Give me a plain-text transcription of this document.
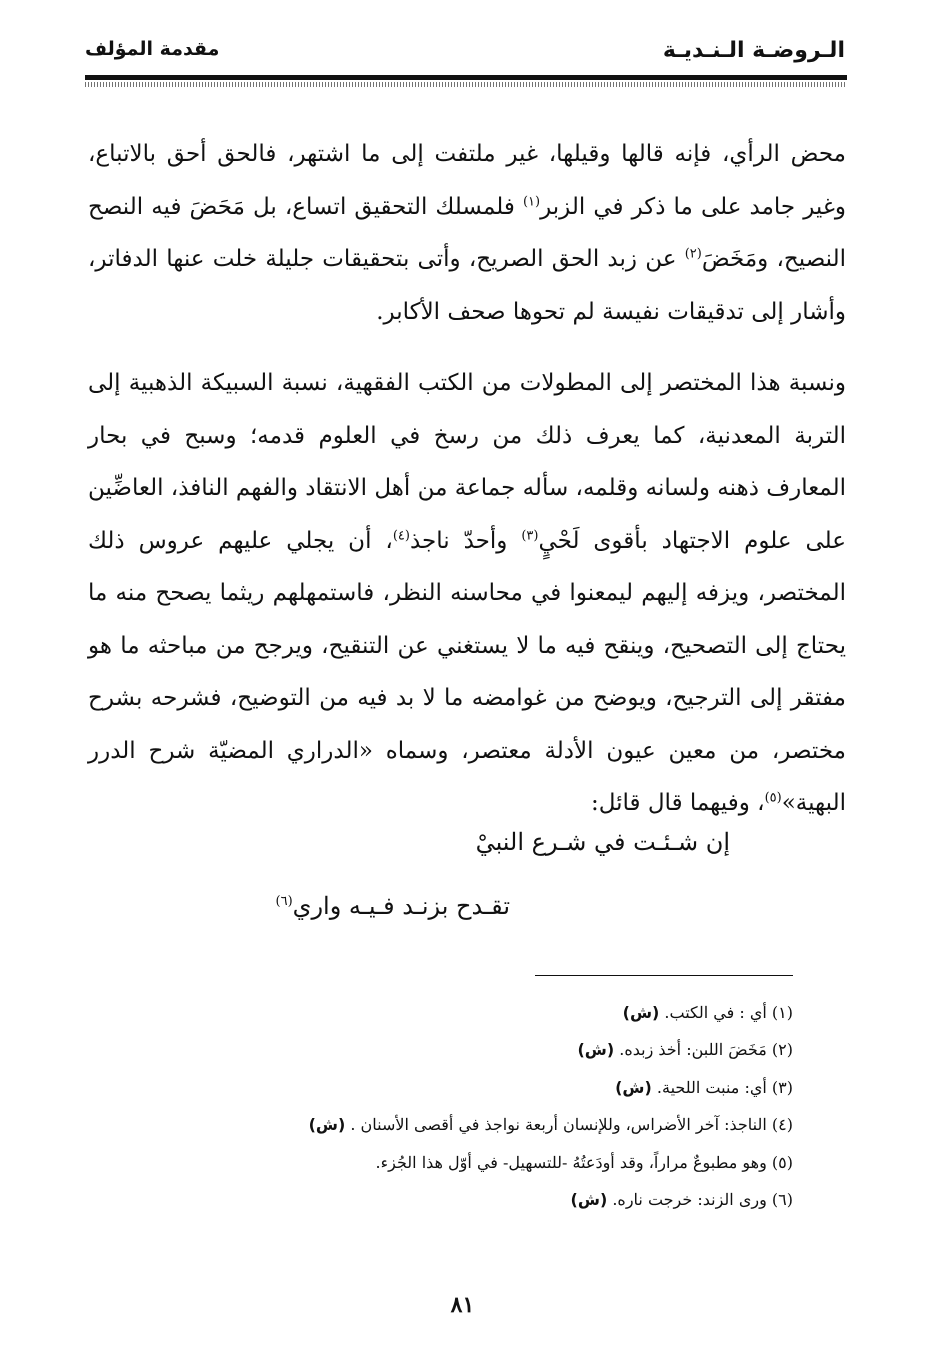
الـروضـة الـنـديـة
مقدمة المؤلف

محض الرأي، فإنه قالها وقيلها، غير ملتفت إلى ما اشتهر، فالحق أحق بالاتباع، وغير جامد على ما ذكر في الزبر$^{(١)}$ فلمسلك التحقيق اتساع، بل مَحَضَ فيه النصح النصيح، ومَخَضَ$^{(٢)}$ عن زبد الحق الصريح، وأتى بتحقيقات جليلة خلت عنها الدفاتر، وأشار إلى تدقيقات نفيسة لم تحوها صحف الأكابر.

ونسبة هذا المختصر إلى المطولات من الكتب الفقهية، نسبة السبيكة الذهبية إلى التربة المعدنية، كما يعرف ذلك من رسخ في العلوم قدمه؛ وسبح في بحار المعارف ذهنه ولسانه وقلمه، سأله جماعة من أهل الانتقاد والفهم النافذ، العاضِّين على علوم الاجتهاد بأقوى لَحْيٍ$^{(٣)}$ وأحدّ ناجذ$^{(٤)}$، أن يجلي عليهم عروس ذلك المختصر، ويزفه إليهم ليمعنوا في محاسنه النظر، فاستمهلهم ريثما يصحح منه ما يحتاج إلى التصحيح، وينقح فيه ما لا يستغني عن التنقيح، ويرجح من مباحثه ما هو مفتقر إلى الترجيح، ويوضح من غوامضه ما لا بد فيه من التوضيح، فشرحه بشرح مختصر، من معين عيون الأدلة معتصر، وسماه «الدراري المضيّة شرح الدرر البهية»$^{(٥)}$، وفيهما قال قائل:

إن شـئـت في شـرع النبيْ
تقـدح بزنـد فـيـه واري$^{(٦)}$
(١) أي : في الكتب. (ش)
(٢) مَخَضَ اللبن: أخذ زبده. (ش)
(٣) أي: منبت اللحية. (ش)
(٤) الناجذ: آخر الأضراس، وللإنسان أربعة نواجذ في أقصى الأسنان . (ش)
(٥) وهو مطبوعٌ مراراً، وقد أودَعتُهُ -للتسهيل- في أوّل هذا الجُزء.
(٦) ورى الزند: خرجت ناره. (ش)
٨١
